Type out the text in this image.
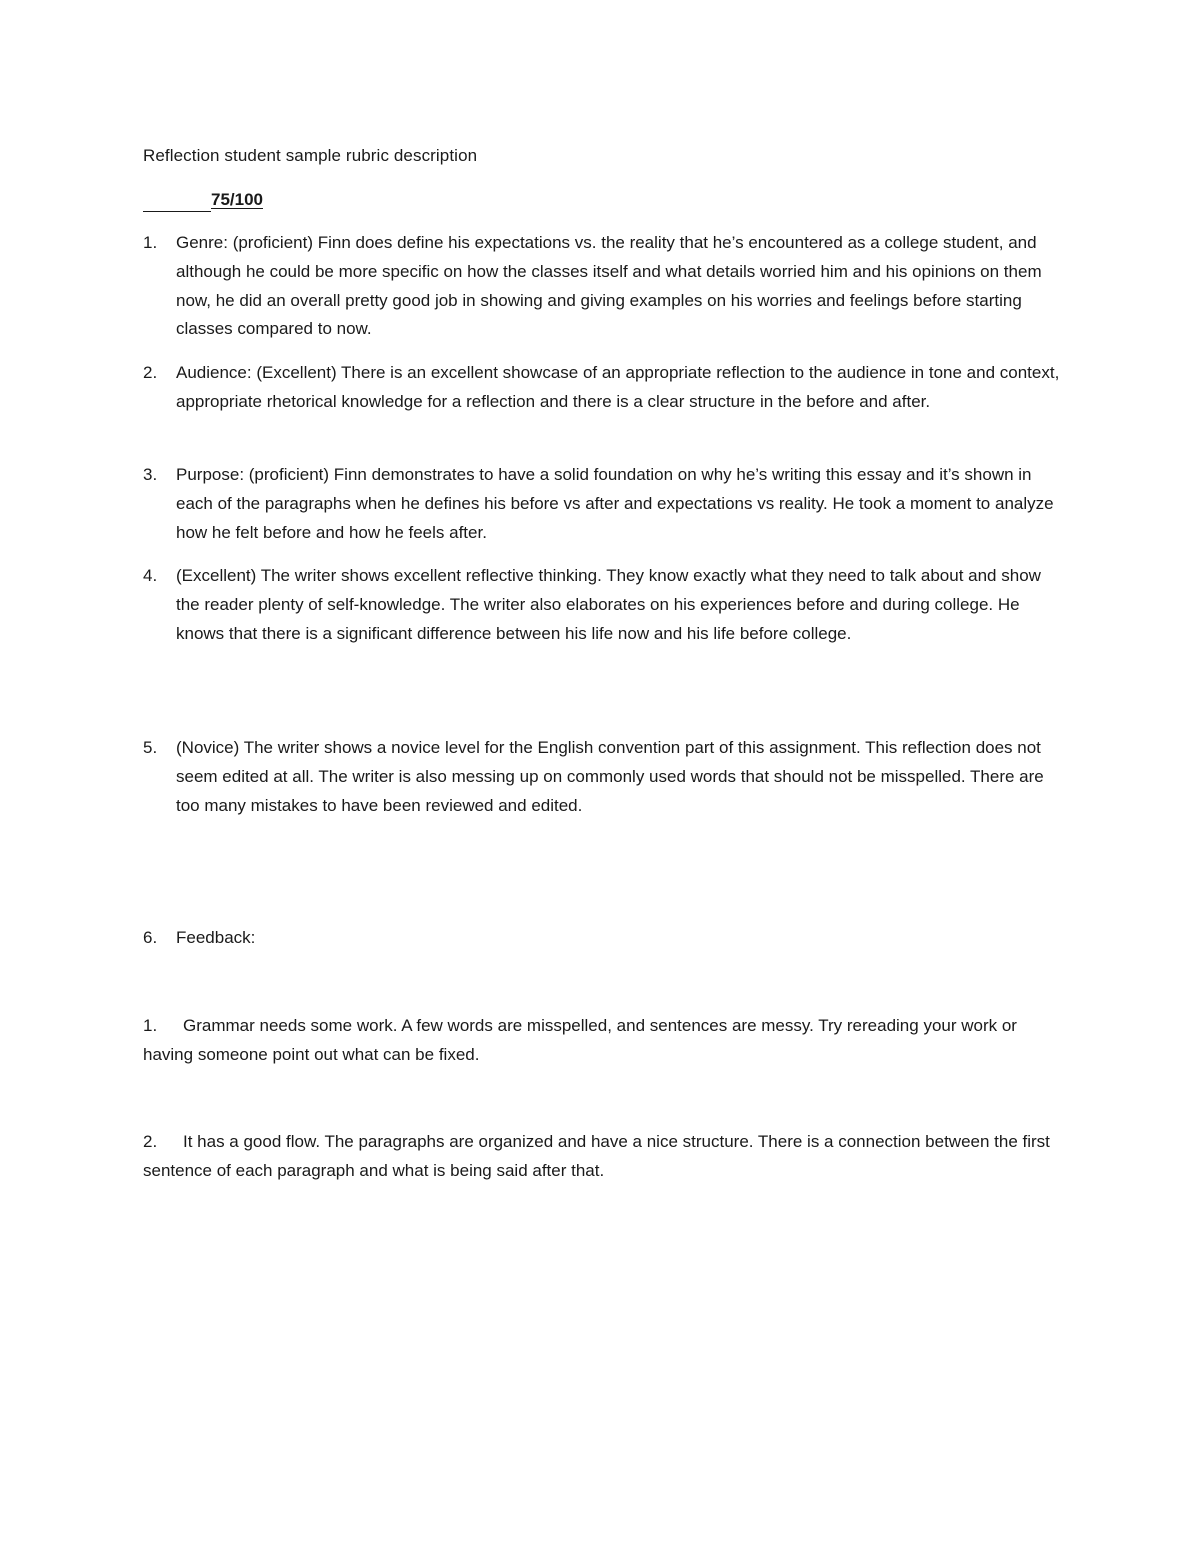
Reflection student sample rubric description
75/100
1.	Genre: (proficient) Finn does define his expectations vs. the reality that he’s encountered as a college student, and although he could be more specific on how the classes itself and what details worried him and his opinions on them now, he did an overall pretty good job in showing and giving examples on his worries and feelings before starting classes compared to now.
2.	Audience: (Excellent) There is an excellent showcase of an appropriate reflection to the audience in tone and context, appropriate rhetorical knowledge for a reflection and there is a clear structure in the before and after.
3.	Purpose: (proficient) Finn demonstrates to have a solid foundation on why he’s writing this essay and it’s shown in each of the paragraphs when he defines his before vs after and expectations vs reality. He took a moment to analyze how he felt before and how he feels after.
4.	(Excellent) The writer shows excellent reflective thinking. They know exactly what they need to talk about and show the reader plenty of self-knowledge. The writer also elaborates on his experiences before and during college. He knows that there is a significant difference between his life now and his life before college.
5.	(Novice) The writer shows a novice level for the English convention part of this assignment. This reflection does not seem edited at all. The writer is also messing up on commonly used words that should not be misspelled. There are too many mistakes to have been reviewed and edited.
6.	Feedback:
1. Grammar needs some work. A few words are misspelled, and sentences are messy. Try rereading your work or having someone point out what can be fixed.
2. It has a good flow. The paragraphs are organized and have a nice structure. There is a connection between the first sentence of each paragraph and what is being said after that.
